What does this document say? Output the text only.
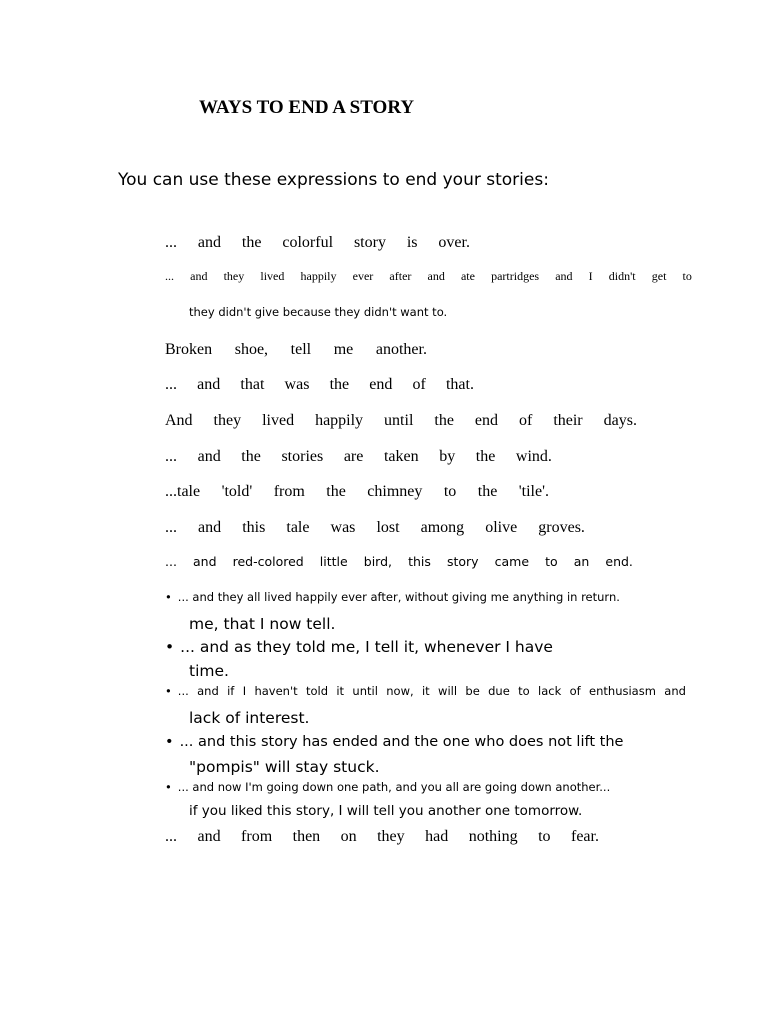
WAYS TO END A STORY
You can use these expressions to end your stories:
... and the colorful story is over.
... and they lived happily ever after and ate partridges and I didn't get to
they didn't give because they didn't want to.
Broken shoe, tell me another.
... and that was the end of that.
And they lived happily until the end of their days.
... and the stories are taken by the wind.
...tale 'told' from the chimney to the 'tile'.
... and this tale was lost among olive groves.
... and red-colored little bird, this story came to an end.
• ... and they all lived happily ever after, without giving me anything in return.
me, that I now tell.
• ... and as they told me, I tell it, whenever I have
time.
• ... and if I haven't told it until now, it will be due to lack of enthusiasm and
lack of interest.
• ... and this story has ended and the one who does not lift the
"pompis" will stay stuck.
• ... and now I'm going down one path, and you all are going down another...
if you liked this story, I will tell you another one tomorrow.
... and from then on they had nothing to fear.
